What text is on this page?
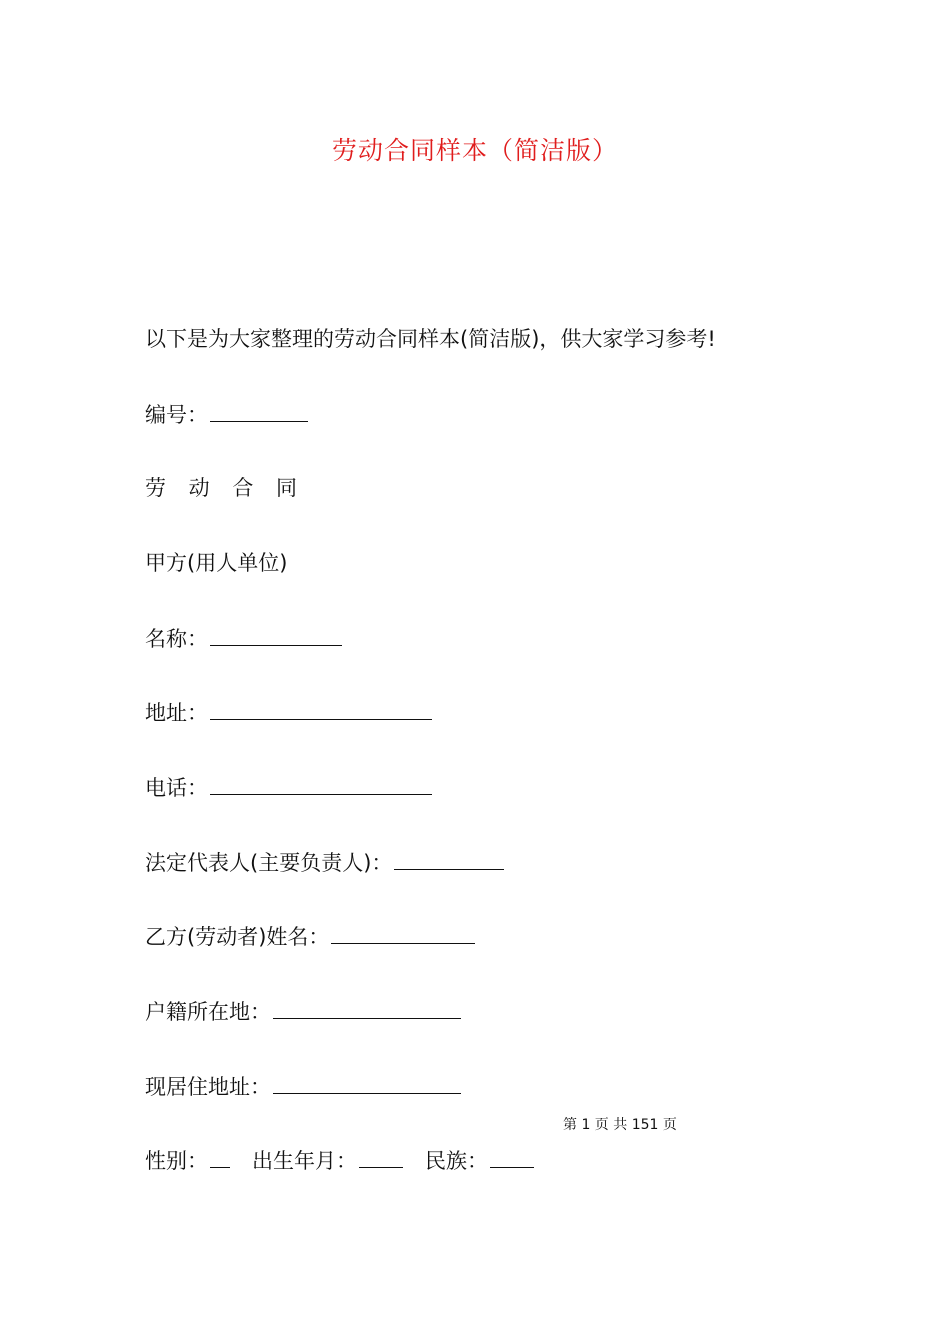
劳动合同样本（简洁版）
以下是为大家整理的劳动合同样本(简洁版)，供大家学习参考!
编号：
劳 动 合 同
甲方(用人单位)
名称：
地址：
电话：
法定代表人(主要负责人)：
乙方(劳动者)姓名：
户籍所在地：
现居住地址：
第 1 页 共 151 页
性别： 出生年月：	民族：
